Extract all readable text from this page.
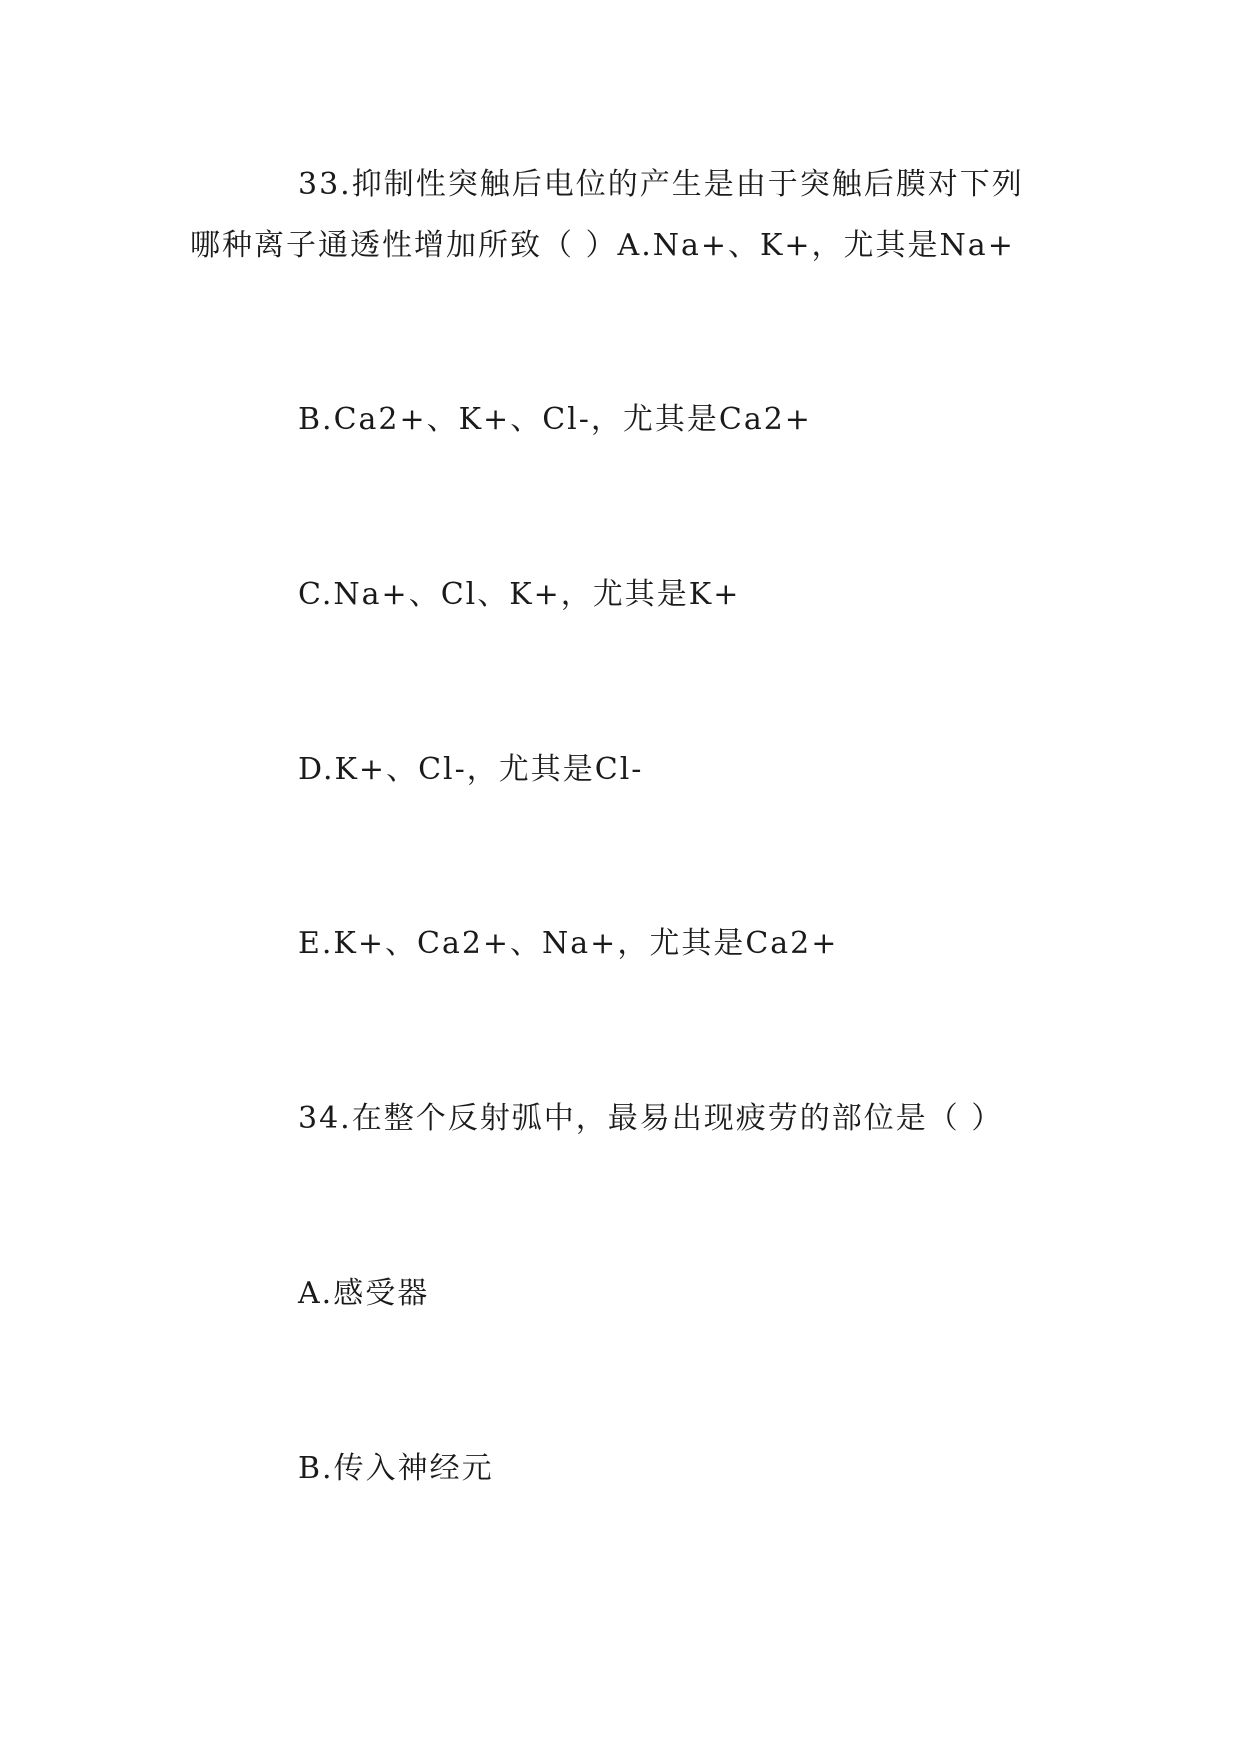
33.抑制性突触后电位的产生是由于突触后膜对下列
哪种离子通透性增加所致（ ）A.Na+、K+，尤其是Na+
B.Ca2+、K+、Cl-，尤其是Ca2+
C.Na+、Cl、K+，尤其是K+
D.K+、Cl-，尤其是Cl-
E.K+、Ca2+、Na+，尤其是Ca2+
34.在整个反射弧中，最易出现疲劳的部位是（ ）
A.感受器
B.传入神经元
